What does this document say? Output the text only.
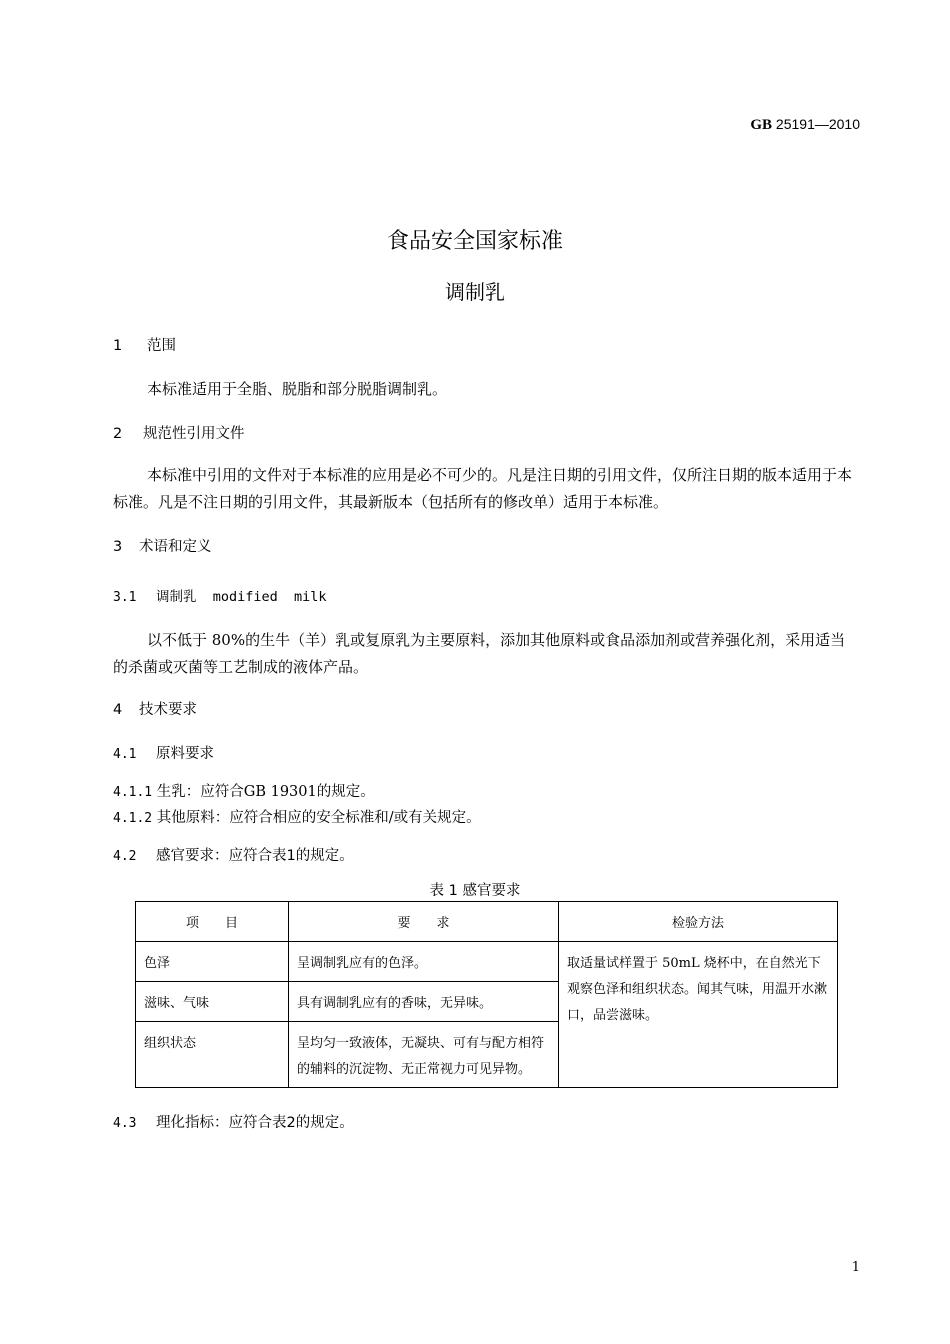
GB 25191—2010
食品安全国家标准
调制乳
1 范围
本标准适用于全脂、脱脂和部分脱脂调制乳。
2 规范性引用文件
本标准中引用的文件对于本标准的应用是必不可少的。凡是注日期的引用文件，仅所注日期的版本适用于本标准。凡是不注日期的引用文件，其最新版本（包括所有的修改单）适用于本标准。
3 术语和定义
3.1 调制乳  modified  milk
以不低于 80%的生牛（羊）乳或复原乳为主要原料，添加其他原料或食品添加剂或营养强化剂，采用适当的杀菌或灭菌等工艺制成的液体产品。
4 技术要求
4.1 原料要求
4.1.1 生乳：应符合GB 19301的规定。
4.1.2 其他原料：应符合相应的安全标准和/或有关规定。
4.2 感官要求：应符合表1的规定。
表 1 感官要求
项　　目	要　　求	检验方法
色泽	呈调制乳应有的色泽。	取适量试样置于 50mL 烧杯中，在自然光下观察色泽和组织状态。闻其气味，用温开水漱口，品尝滋味。
滋味、气味	具有调制乳应有的香味，无异味。	
组织状态	呈均匀一致液体，无凝块、可有与配方相符的辅料的沉淀物、无正常视力可见异物。	
4.3 理化指标：应符合表2的规定。
1
